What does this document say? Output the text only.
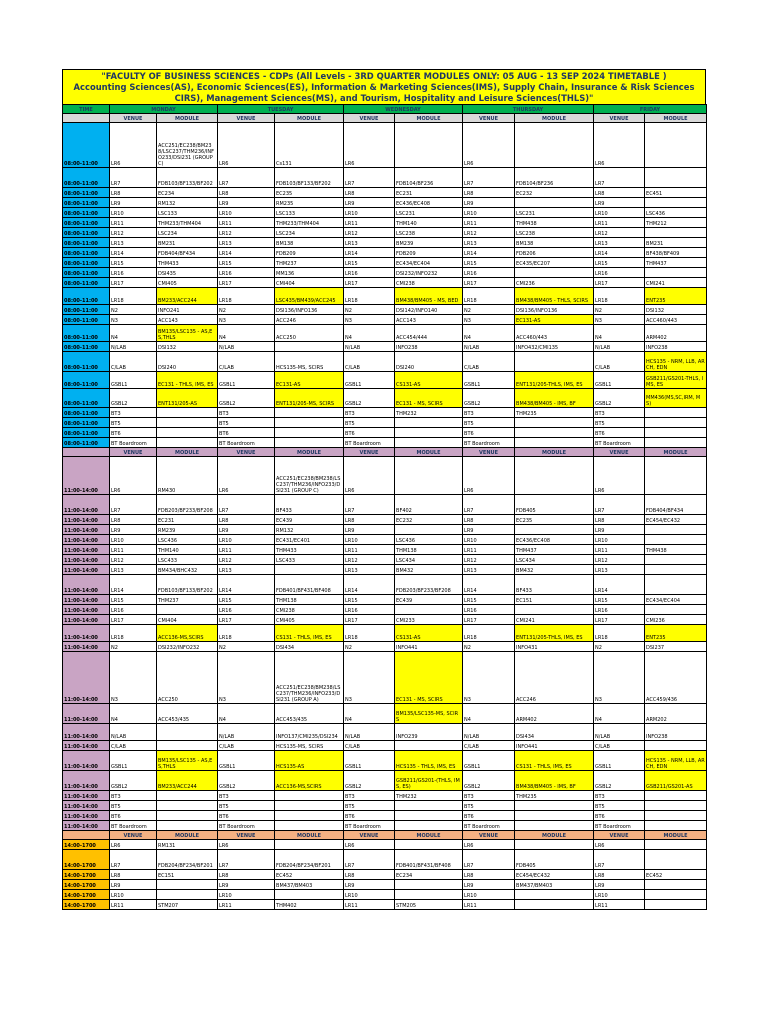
"FACULTY OF BUSINESS SCIENCES - CDPs (All Levels - 3RD QUARTER MODULES ONLY: 05 AUG - 13 SEP 2024 TIMETABLE )
Accounting Sciences(AS), Economic Sciences(ES), Information & Marketing Sciences(IMS), Supply Chain, Insurance & Risk Sciences
CIRS), Management Sciences(MS), and Tourism, Hospitality and Leisure Sciences(THLS)"
TIME	MONDAY		TUESDAY		WEDNESDAY		THURSDAY		FRIDAY	
	VENUE	MODULE	VENUE	MODULE	VENUE	MODULE	VENUE	MODULE	VENUE	MODULE
08:00-11:00	LR6	ACC251/EC238/BM238/LSC237/THM236/INFO233/DSI231 (GROUP C)	LR6	Cs131	LR6		LR6		LR6	
08:00-11:00	LR7	FDB103/BF133/BF202	LR7	FDB103/BF133/BF202	LR7	FDB104/BF236	LR7	FDB104/BF236	LR7	
08:00-11:00	LR8	EC234	LR8	EC235	LR8	EC231	LR8	EC232	LR8	EC451
08:00-11:00	LR9	RM132	LR9	RM235	LR9	EC436/EC408	LR9		LR9	
08:00-11:00	LR10	LSC133	LR10	LSC133	LR10	LSC231	LR10	LSC231	LR10	LSC436
08:00-11:00	LR11	THM233/THM404	LR11	THM233/THM404	LR11	THM140	LR11	THM438	LR11	THM212
08:00-11:00	LR12	LSC234	LR12	LSC234	LR12	LSC238	LR12	LSC238	LR12	
08:00-11:00	LR13	BM231	LR13	BM138	LR13	BM239	LR13	BM138	LR13	BM231
08:00-11:00	LR14	FDB404/BF434	LR14	FDB209	LR14	FDB209	LR14	FDB206	LR14	BF438/BF409
08:00-11:00	LR15	THM433	LR15	THM237	LR15	EC434/EC404	LR15	EC435/EC207	LR15	THM437
08:00-11:00	LR16	DSI435	LR16	MM136	LR16	DSI232/INFO232	LR16		LR16	
08:00-11:00	LR17	CMI405	LR17	CMI404	LR17	CMI238	LR17	CMI236	LR17	CMI241
08:00-11:00	LR18	BM233/ACC244	LR18	LSC435/BM439/ACC245	LR18	BM438/BM405 - MS, BED	LR18	BM438/BM405 - THLS, SCIRS	LR18	ENT235
08:00-11:00	N2	INFO241	N2	DSI136/INFO136	N2	DSI142/INFO140	N2	DSI136/INFO136	N2	DSI132
08:00-11:00	N3	ACC143	N3	ACC246	N3	ACC143	N3	EC131-AS	N3	ACC460/443
08:00-11:00	N4	BM135/LSC135 - AS,ES,THLS	N4	ACC250	N4	ACC454/444	N4	ACC460/443	N4	ARM402
08:00-11:00	N/LAB	DSI132	N/LAB		N/LAB	INFO238	N/LAB	INFO432/CMI135	N/LAB	INFO238
08:00-11:00	C/LAB	DSI240	C/LAB	HCS135-MS, SCIRS	C/LAB	DSI240	C/LAB		C/LAB	HCS135 - NRM, LLB, ARCH, EDN
08:00-11:00	GSBL1	EC131 - THLS, IMS, ES	GSBL1	EC131-AS	GSBL1	CS131-AS	GSBL1	ENT131/205-THLS, IMS, ES	GSBL1	GSB211/GS201-THLS, IMS, ES
08:00-11:00	GSBL2	ENT131/205-AS	GSBL2	ENT131/205-MS, SCIRS	GSBL2	EC131 - MS, SCIRS	GSBL2	BM438/BM405 - IMS, BF	GSBL2	MM436(MS,SC,IRM, MS)
08:00-11:00	BT3		BT3		BT3	THM232	BT3	THM235	BT3	
08:00-11:00	BT5		BT5		BT5		BT5		BT5	
08:00-11:00	BT6		BT6		BT6		BT6		BT6	
08:00-11:00	BT Boardroom		BT Boardroom		BT Boardroom		BT Boardroom		BT Boardroom	
	VENUE	MODULE	VENUE	MODULE	VENUE	MODULE	VENUE	MODULE	VENUE	MODULE
11:00-14:00	LR6	RM430	LR6	ACC251/EC238/BM238/LSC237/THM236/INFO233/DSI231 (GROUP C)	LR6		LR6		LR6	
11:00-14:00	LR7	FDB203/BF233/BF208	LR7	BF433	LR7	BF402	LR7	FDB405	LR7	FDB404/BF434
11:00-14:00	LR8	EC231	LR8	EC439	LR8	EC232	LR8	EC235	LR8	EC454/EC432
11:00-14:00	LR9	RM239	LR9	RM132	LR9		LR9		LR9	
11:00-14:00	LR10	LSC436	LR10	EC431/EC401	LR10	LSC436	LR10	EC436/EC408	LR10	
11:00-14:00	LR11	THM140	LR11	THM433	LR11	THM138	LR11	THM437	LR11	THM438
11:00-14:00	LR12	LSC433	LR12	LSC433	LR12	LSC434	LR12	LSC434	LR12	
11:00-14:00	LR13	BM434/BHC432	LR13		LR13	BM432	LR13	BM432	LR13	
11:00-14:00	LR14	FDB103/BF133/BF202	LR14	FDB401/BF431/BF408	LR14	FDB203/BF233/BF208	LR14	BF433	LR14	
11:00-14:00	LR15	THM237	LR15	THM138	LR15	EC439	LR15	EC151	LR15	EC434/EC404
11:00-14:00	LR16		LR16	CMI238	LR16		LR16		LR16	
11:00-14:00	LR17	CMI404	LR17	CMI405	LR17	CMI233	LR17	CMI241	LR17	CMI236
11:00-14:00	LR18	ACC136-MS,SCIRS	LR18	CS131 - THLS, IMS, ES	LR18	CS131-AS	LR18	ENT131/205-THLS, IMS, ES	LR18	ENT235
11:00-14:00	N2	DSI232/INFO232	N2	DSI434	N2	INFO441	N2	INFO431	N2	DSI237
11:00-14:00	N3	ACC250	N3	ACC251/EC238/BM238/LSC237/THM236/INFO233/DSI231 (GROUP A)	N3	EC131 - MS, SCIRS	N3	ACC246	N3	ACC459/436
11:00-14:00	N4	ACC453/435	N4	ACC453/435	N4	BM135/LSC135-MS, SCIRS	N4	ARM402	N4	ARM202
11:00-14:00	N/LAB		N/LAB	INFO137/CMI235/DSI234	N/LAB	INFO239	N/LAB	DSI434	N/LAB	INFO238
11:00-14:00	C/LAB		C/LAB	HCS135-MS, SCIRS	C/LAB		C/LAB	INFO441	C/LAB	
11:00-14:00	GSBL1	BM135/LSC135 - AS,ES,THLS	GSBL1	HCS135-AS	GSBL1	HCS135 - THLS, IMS, ES	GSBL1	CS131 - THLS, IMS, ES	GSBL1	HCS135 - NRM, LLB, ARCH, EDN
11:00-14:00	GSBL2	BM233/ACC244	GSBL2	ACC136-MS,SCIRS	GSBL2	GSB211/GS201-(THLS, IMS, ES)	GSBL2	BM438/BM405 - IMS, BF	GSBL2	GSB211/GS201-AS
11:00-14:00	BT3		BT3		BT3	THM232	BT3	THM235	BT3	
11:00-14:00	BT5		BT5		BT5		BT5		BT5	
11:00-14:00	BT6		BT6		BT6		BT6		BT6	
11:00-14:00	BT Boardroom		BT Boardroom		BT Boardroom		BT Boardroom		BT Boardroom	
	VENUE	MODULE	VENUE	MODULE	VENUE	MODULE	VENUE	MODULE	VENUE	MODULE
14:00-1700	LR6	RM131	LR6		LR6		LR6		LR6	
14:00-1700	LR7	FDB204/BF234/BF201	LR7	FDB204/BF234/BF201	LR7	FDB401/BF431/BF408	LR7	FDB405	LR7	
14:00-1700	LR8	EC151	LR8	EC452	LR8	EC234	LR8	EC454/EC432	LR8	EC452
14:00-1700	LR9		LR9	BM437/BM403	LR9		LR9	BM437/BM403	LR9	
14:00-1700	LR10		LR10		LR10		LR10		LR10	
14:00-1700	LR11	STM207	LR11	THM402	LR11	STM205	LR11		LR11	
